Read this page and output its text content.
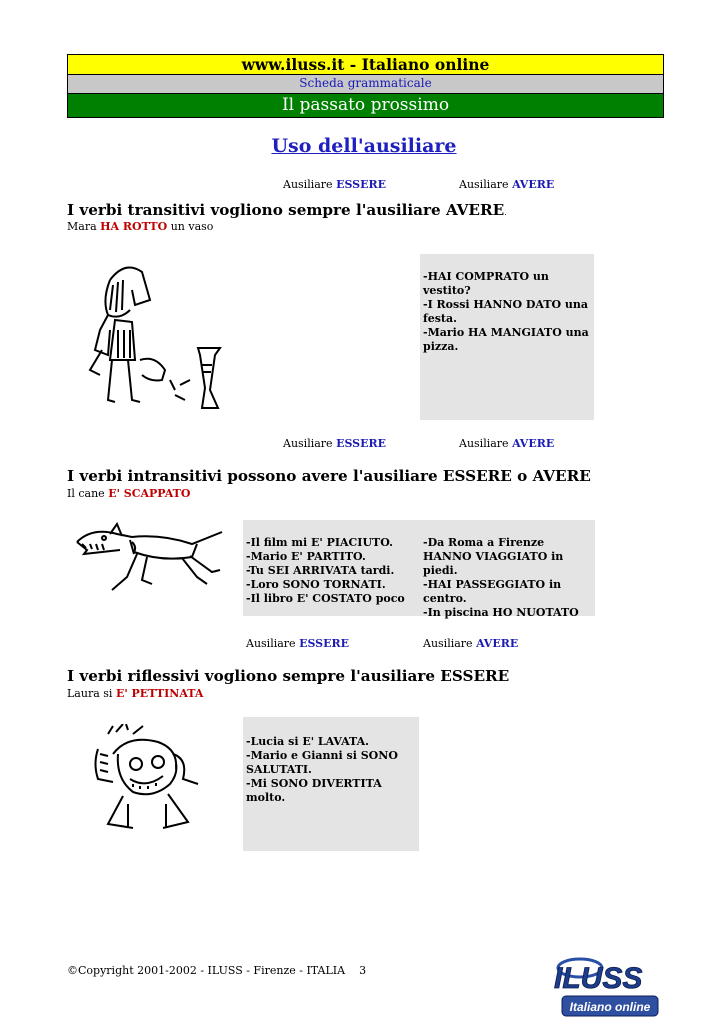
www.iluss.it - Italiano online
Scheda grammaticale
Il passato prossimo
Uso dell'ausiliare
Ausiliare ESSERE	Ausiliare AVERE
I verbi transitivi vogliono sempre l'ausiliare AVERE.
Mara HA ROTTO un vaso

-HAI COMPRATO un vestito?

-I Rossi HANNO DATO una festa.

-Mario HA MANGIATO una pizza.

Ausiliare ESSERE	Ausiliare AVERE
I verbi intransitivi possono avere l'ausiliare ESSERE o AVERE
Il cane E' SCAPPATO

-Il film mi E' PIACIUTO.

-Mario E' PARTITO.

-Tu SEI ARRIVATA tardi.

-Loro SONO TORNATI.

-Il libro E' COSTATO poco

-Da Roma a Firenze HANNO VIAGGIATO in piedi.

-HAI PASSEGGIATO in centro.

-In piscina HO NUOTATO

Ausiliare ESSERE	Ausiliare AVERE
I verbi riflessivi vogliono sempre l'ausiliare ESSERE
Laura si E' PETTINATA

-Lucia si E' LAVATA.

-Mario e Gianni si SONO SALUTATI.

-Mi SONO DIVERTITA molto.

©Copyright 2001-2002 - ILUSS - Firenze - ITALIA 3	ILUSS
Italiano online
